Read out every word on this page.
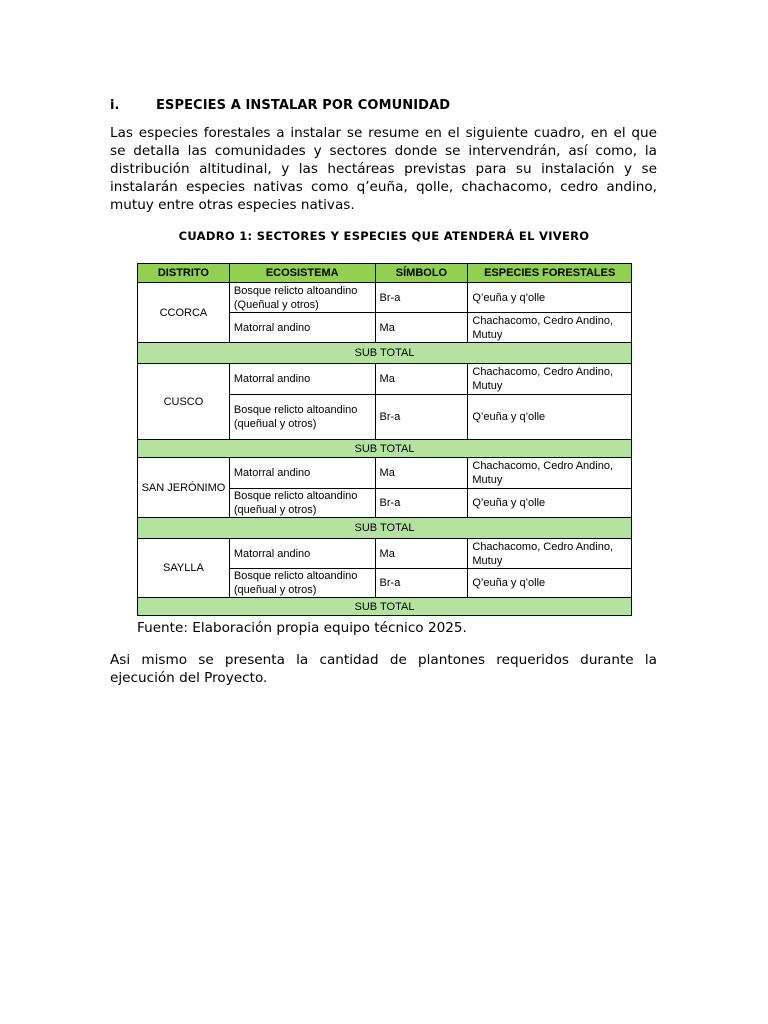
i.	ESPECIES A INSTALAR POR COMUNIDAD
Las especies forestales a instalar se resume en el siguiente cuadro, en el que se detalla las comunidades y sectores donde se intervendrán, así como, la distribución altitudinal, y las hectáreas previstas para su instalación y se instalarán especies nativas como q’euña, qolle, chachacomo, cedro andino, mutuy entre otras especies nativas.
CUADRO 1: SECTORES Y ESPECIES QUE ATENDERÁ EL VIVERO
DISTRITO	ECOSISTEMA	SÍMBOLO	ESPECIES FORESTALES
CCORCA	Bosque relicto altoandino (Queñual y otros)	Br-a	Q’euña y q’olle
	Matorral andino	Ma	Chachacomo, Cedro Andino, Mutuy
SUB TOTAL			
CUSCO	Matorral andino	Ma	Chachacomo, Cedro Andino, Mutuy
	Bosque relicto altoandino (queñual y otros)	Br-a	Q’euña y q’olle
SUB TOTAL			
SAN JERÓNIMO	Matorral andino	Ma	Chachacomo, Cedro Andino, Mutuy
	Bosque relicto altoandino (queñual y otros)	Br-a	Q’euña y q’olle
SUB TOTAL			
SAYLLA	Matorral andino	Ma	Chachacomo, Cedro Andino, Mutuy
	Bosque relicto altoandino (queñual y otros)	Br-a	Q’euña y q’olle
SUB TOTAL			
Fuente: Elaboración propia equipo técnico 2025.
Asi mismo se presenta la cantidad de plantones requeridos durante la ejecución del Proyecto.
